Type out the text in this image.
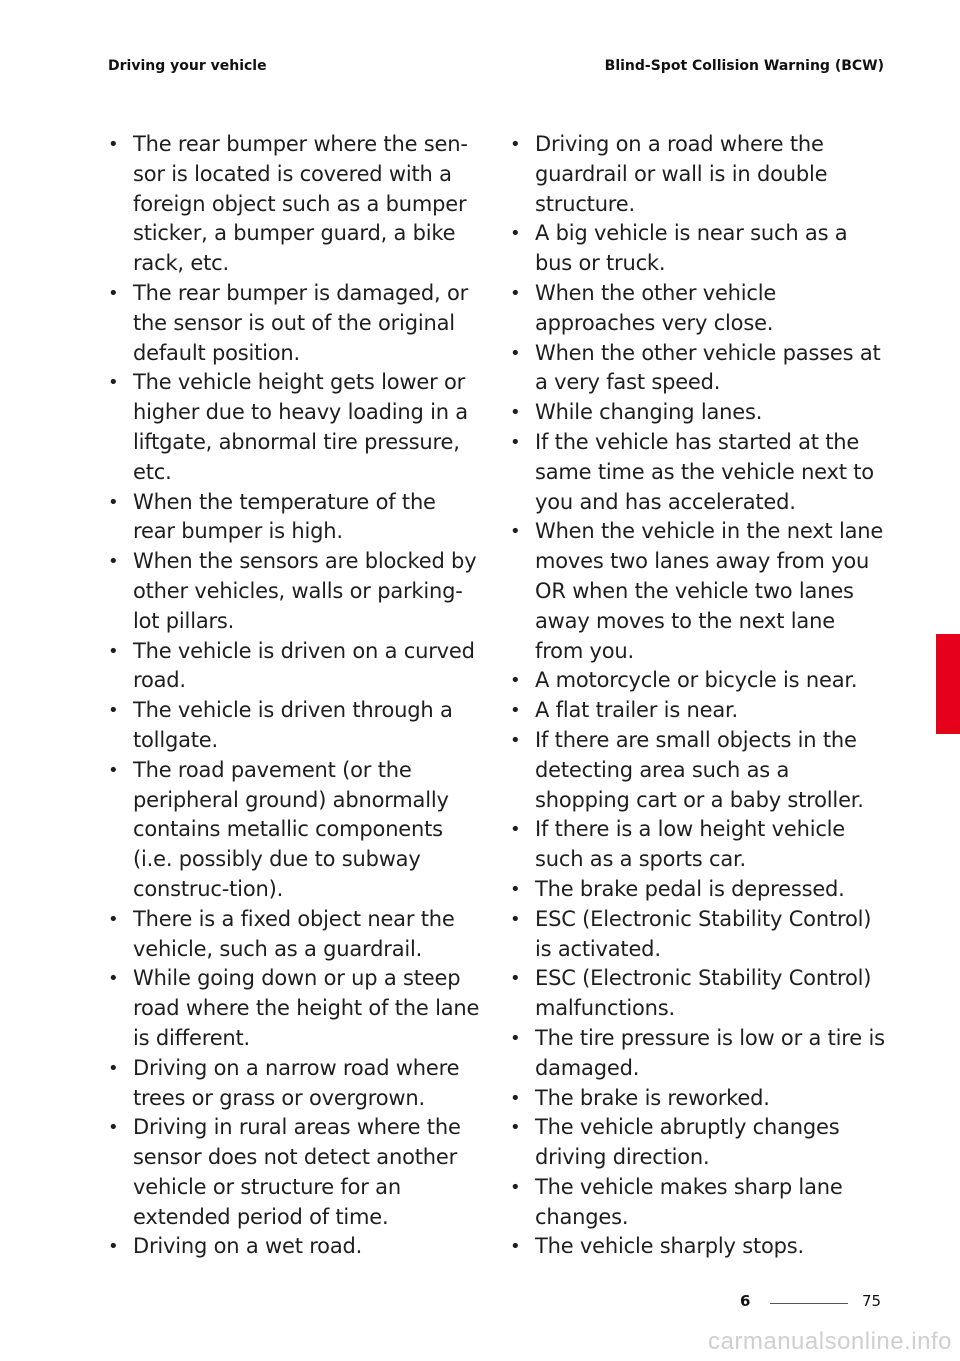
Driving your vehicle	Blind-Spot Collision Warning (BCW)
• The rear bumper where the sen-sor is located is covered with a foreign object such as a bumper sticker, a bumper guard, a bike rack, etc.
• The rear bumper is damaged, or the sensor is out of the original default position.
• The vehicle height gets lower or higher due to heavy loading in a liftgate, abnormal tire pressure, etc.
• When the temperature of the rear bumper is high.
• When the sensors are blocked by other vehicles, walls or parking-lot pillars.
• The vehicle is driven on a curved road.
• The vehicle is driven through a tollgate.
• The road pavement (or the peripheral ground) abnormally contains metallic components (i.e. possibly due to subway construc-tion).
• There is a fixed object near the vehicle, such as a guardrail.
• While going down or up a steep road where the height of the lane is different.
• Driving on a narrow road where trees or grass or overgrown.
• Driving in rural areas where the sensor does not detect another vehicle or structure for an extended period of time.
• Driving on a wet road.
• Driving on a road where the guardrail or wall is in double structure.
• A big vehicle is near such as a bus or truck.
• When the other vehicle approaches very close.
• When the other vehicle passes at a very fast speed.
• While changing lanes.
• If the vehicle has started at the same time as the vehicle next to you and has accelerated.
• When the vehicle in the next lane moves two lanes away from you OR when the vehicle two lanes away moves to the next lane from you.
• A motorcycle or bicycle is near.
• A flat trailer is near.
• If there are small objects in the detecting area such as a shopping cart or a baby stroller.
• If there is a low height vehicle such as a sports car.
• The brake pedal is depressed.
• ESC (Electronic Stability Control) is activated.
• ESC (Electronic Stability Control) malfunctions.
• The tire pressure is low or a tire is damaged.
• The brake is reworked.
• The vehicle abruptly changes driving direction.
• The vehicle makes sharp lane changes.
• The vehicle sharply stops.
6
6	75
carmanualsonline.info
